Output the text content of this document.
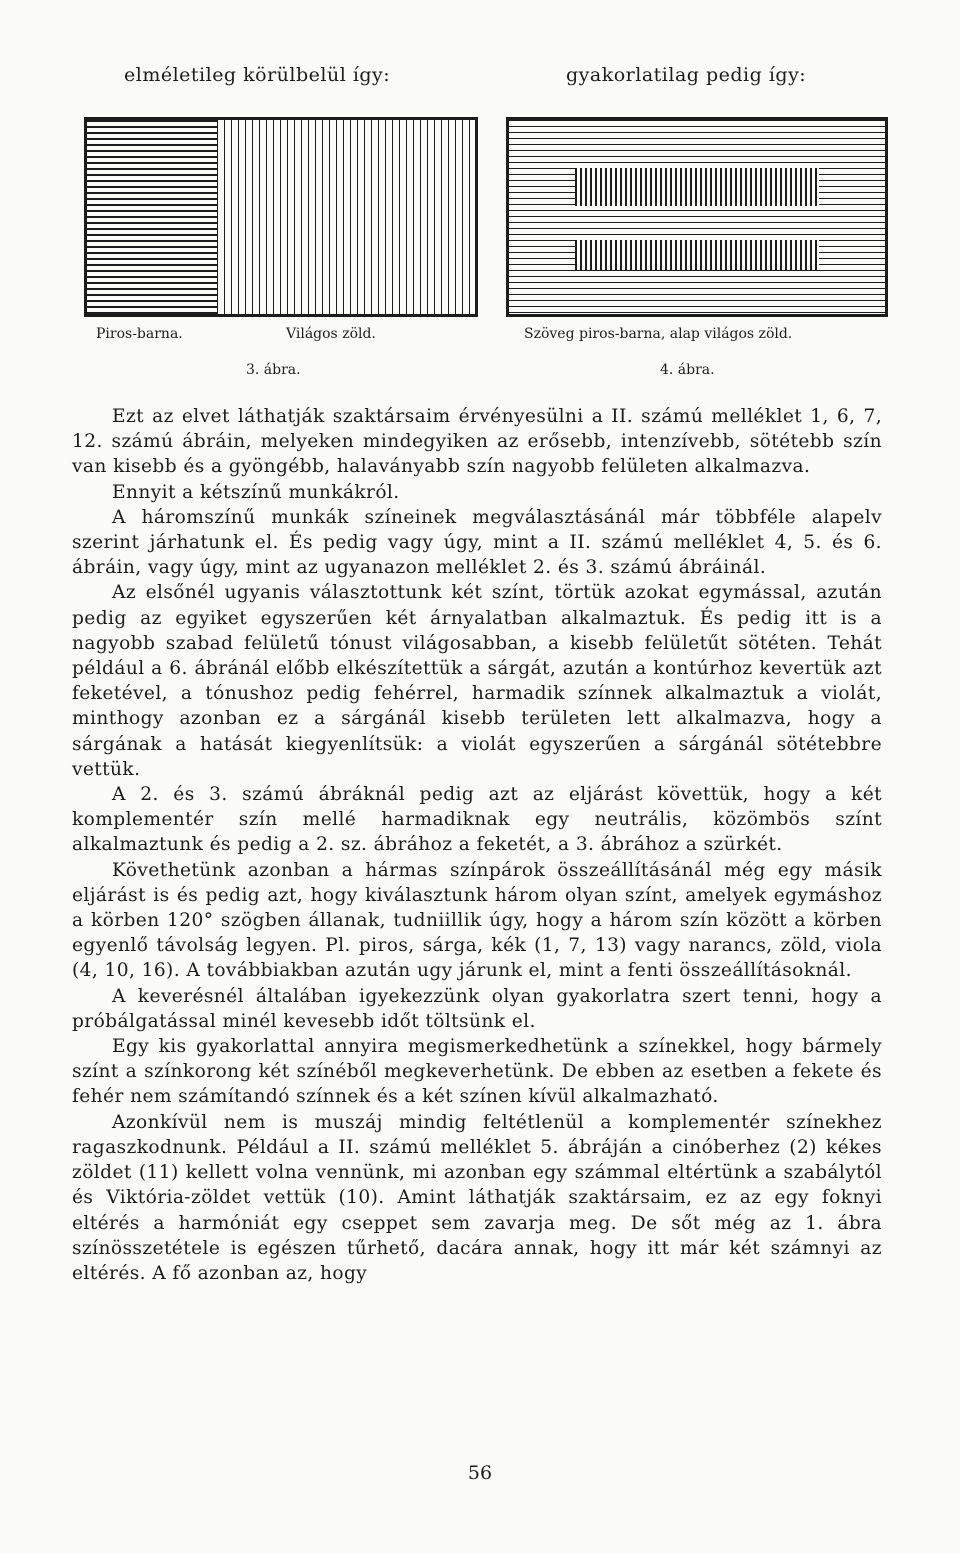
elméletileg körülbelül így:	gyakorlatilag pedig így:
Piros-barna.	Világos zöld.	Szöveg piros-barna, alap világos zöld.
3. ábra.	4. ábra.

Ezt az elvet láthatják szaktársaim érvényesülni a II. számú melléklet 1, 6, 7, 12. számú ábráin, melyeken mindegyiken az erősebb, intenzívebb, sötétebb szín van kisebb és a gyöngébb, halaványabb szín nagyobb felületen alkalmazva.

Ennyit a kétszínű munkákról.

A háromszínű munkák színeinek megválasztásánál már többféle alapelv szerint járhatunk el. És pedig vagy úgy, mint a II. számú melléklet 4, 5. és 6. ábráin, vagy úgy, mint az ugyanazon melléklet 2. és 3. számú ábráinál.

Az elsőnél ugyanis választottunk két színt, törtük azokat egymással, azután pedig az egyiket egyszerűen két árnyalatban alkalmaztuk. És pedig itt is a nagyobb szabad felületű tónust világosabban, a kisebb felületűt sötéten. Tehát például a 6. ábránál előbb elkészítettük a sárgát, azután a kontúrhoz kevertük azt feketével, a tónushoz pedig fehérrel, harmadik színnek alkalmaztuk a violát, minthogy azonban ez a sárgánál kisebb területen lett alkalmazva, hogy a sárgának a hatását kiegyenlítsük: a violát egyszerűen a sárgánál sötétebbre vettük.

A 2. és 3. számú ábráknál pedig azt az eljárást követtük, hogy a két komplementér szín mellé harmadiknak egy neutrális, közömbös színt alkalmaztunk és pedig a 2. sz. ábrához a feketét, a 3. ábrához a szürkét.

Követhetünk azonban a hármas színpárok összeállításánál még egy másik eljárást is és pedig azt, hogy kiválasztunk három olyan színt, amelyek egymáshoz a körben 120° szögben állanak, tudniillik úgy, hogy a három szín között a körben egyenlő távolság legyen. Pl. piros, sárga, kék (1, 7, 13) vagy narancs, zöld, viola (4, 10, 16). A továbbiakban azután ugy járunk el, mint a fenti összeállításoknál.

A keverésnél általában igyekezzünk olyan gyakorlatra szert tenni, hogy a próbálgatással minél kevesebb időt töltsünk el.

Egy kis gyakorlattal annyira megismerkedhetünk a színekkel, hogy bármely színt a színkorong két színéből megkeverhetünk. De ebben az esetben a fekete és fehér nem számítandó színnek és a két színen kívül alkalmazható.

Azonkívül nem is muszáj mindig feltétlenül a komplementér színekhez ragaszkodnunk. Például a II. számú melléklet 5. ábráján a cinóberhez (2) kékes zöldet (11) kellett volna vennünk, mi azonban egy számmal eltértünk a szabálytól és Viktória-zöldet vettük (10). Amint láthatják szaktársaim, ez az egy foknyi eltérés a harmóniát egy cseppet sem zavarja meg. De sőt még az 1. ábra színösszetétele is egészen tűrhető, dacára annak, hogy itt már két számnyi az eltérés. A fő azonban az, hogy

56
